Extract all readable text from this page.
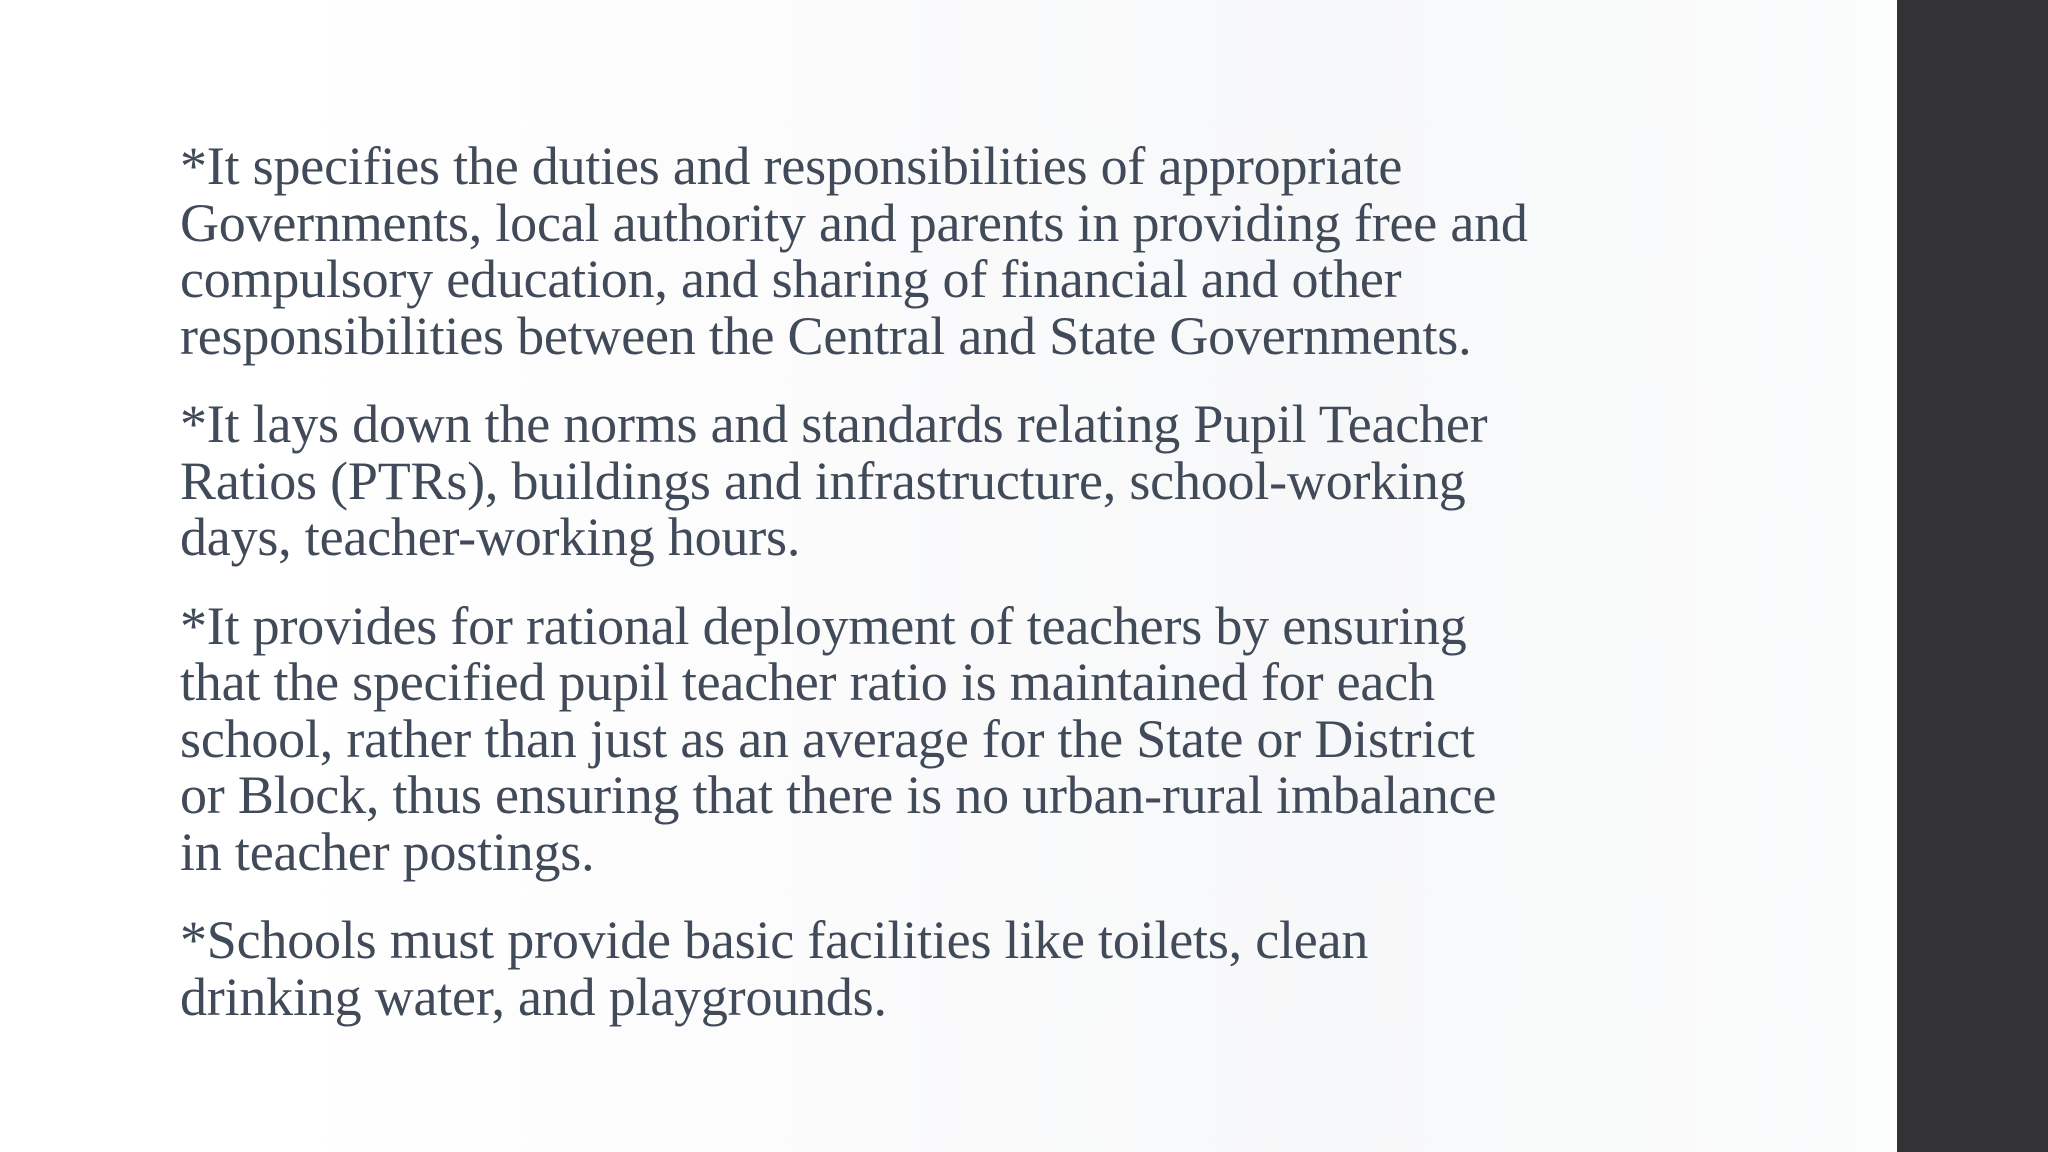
*It specifies the duties and responsibilities of appropriate
Governments, local authority and parents in providing free and
compulsory education, and sharing of financial and other
responsibilities between the Central and State Governments.

*It lays down the norms and standards relating Pupil Teacher
Ratios (PTRs), buildings and infrastructure, school-working
days, teacher-working hours.

*It provides for rational deployment of teachers by ensuring
that the specified pupil teacher ratio is maintained for each
school, rather than just as an average for the State or District
or Block, thus ensuring that there is no urban-rural imbalance
in teacher postings.

*Schools must provide basic facilities like toilets, clean
drinking water, and playgrounds.
